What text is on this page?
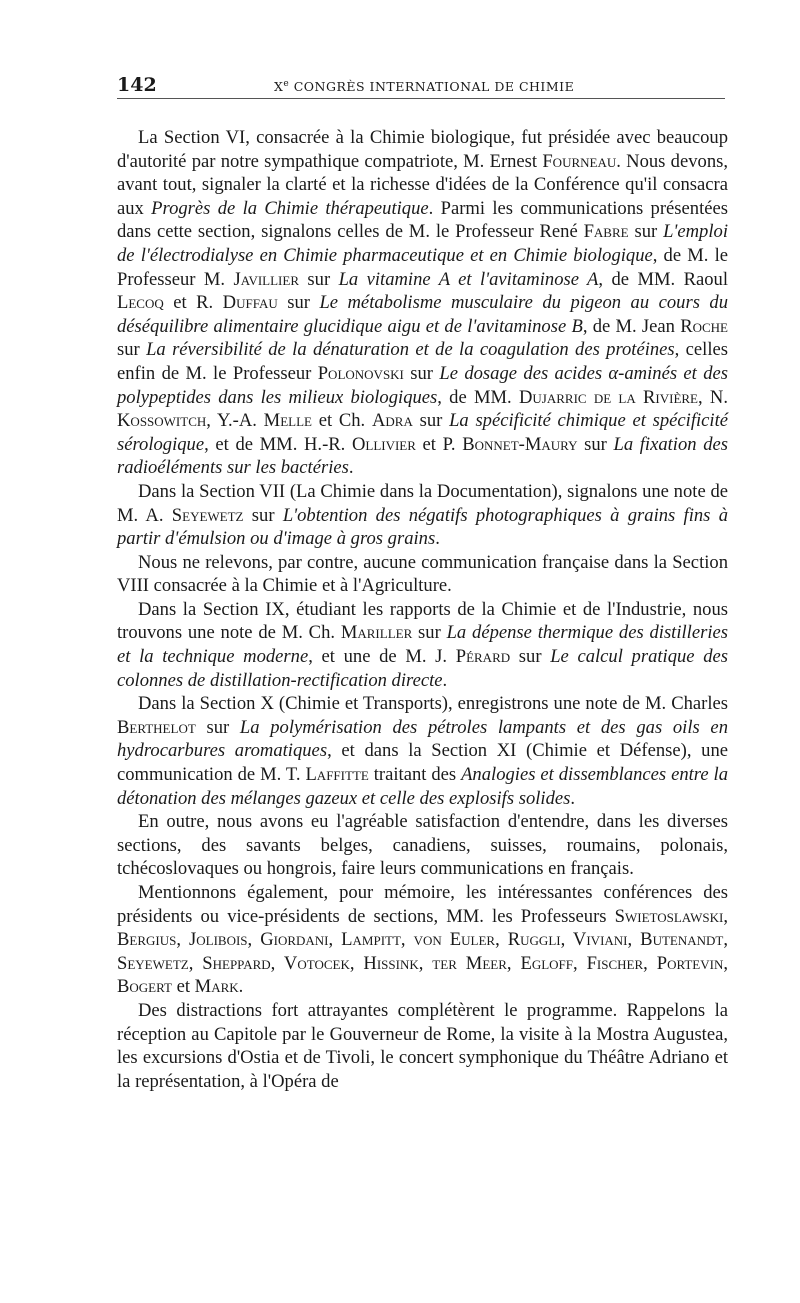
142	Xe CONGRÈS INTERNATIONAL DE CHIMIE

La Section VI, consacrée à la Chimie biologique, fut présidée avec beaucoup d'autorité par notre sympathique compatriote, M. Ernest Fourneau. Nous devons, avant tout, signaler la clarté et la richesse d'idées de la Conférence qu'il consacra aux Progrès de la Chimie thérapeutique. Parmi les communications présentées dans cette section, signalons celles de M. le Professeur René Fabre sur L'emploi de l'électrodialyse en Chimie pharmaceutique et en Chimie biologique, de M. le Professeur M. Javillier sur La vitamine A et l'avitaminose A, de MM. Raoul Lecoq et R. Duffau sur Le métabolisme musculaire du pigeon au cours du déséquilibre alimentaire glucidique aigu et de l'avitaminose B, de M. Jean Roche sur La réversibilité de la dénaturation et de la coagulation des protéines, celles enfin de M. le Professeur Polonovski sur Le dosage des acides α-aminés et des polypeptides dans les milieux biologiques, de MM. Dujarric de la Rivière, N. Kossowitch, Y.-A. Melle et Ch. Adra sur La spécificité chimique et spécificité sérologique, et de MM. H.-R. Ollivier et P. Bonnet-Maury sur La fixation des radioéléments sur les bactéries.

Dans la Section VII (La Chimie dans la Documentation), signalons une note de M. A. Seyewetz sur L'obtention des négatifs photographiques à grains fins à partir d'émulsion ou d'image à gros grains.

Nous ne relevons, par contre, aucune communication française dans la Section VIII consacrée à la Chimie et à l'Agriculture.

Dans la Section IX, étudiant les rapports de la Chimie et de l'Industrie, nous trouvons une note de M. Ch. Mariller sur La dépense thermique des distilleries et la technique moderne, et une de M. J. Pérard sur Le calcul pratique des colonnes de distillation-rectification directe.

Dans la Section X (Chimie et Transports), enregistrons une note de M. Charles Berthelot sur La polymérisation des pétroles lampants et des gas oils en hydrocarbures aromatiques, et dans la Section XI (Chimie et Défense), une communication de M. T. Laffitte traitant des Analogies et dissemblances entre la détonation des mélanges gazeux et celle des explosifs solides.

En outre, nous avons eu l'agréable satisfaction d'entendre, dans les diverses sections, des savants belges, canadiens, suisses, roumains, polonais, tchécoslovaques ou hongrois, faire leurs communications en français.

Mentionnons également, pour mémoire, les intéressantes conférences des présidents ou vice-présidents de sections, MM. les Professeurs Swietoslawski, Bergius, Jolibois, Giordani, Lampitt, von Euler, Ruggli, Viviani, Butenandt, Seyewetz, Sheppard, Votocek, Hissink, ter Meer, Egloff, Fischer, Portevin, Bogert et Mark.

Des distractions fort attrayantes complétèrent le programme. Rappelons la réception au Capitole par le Gouverneur de Rome, la visite à la Mostra Augustea, les excursions d'Ostia et de Tivoli, le concert symphonique du Théâtre Adriano et la représentation, à l'Opéra de
